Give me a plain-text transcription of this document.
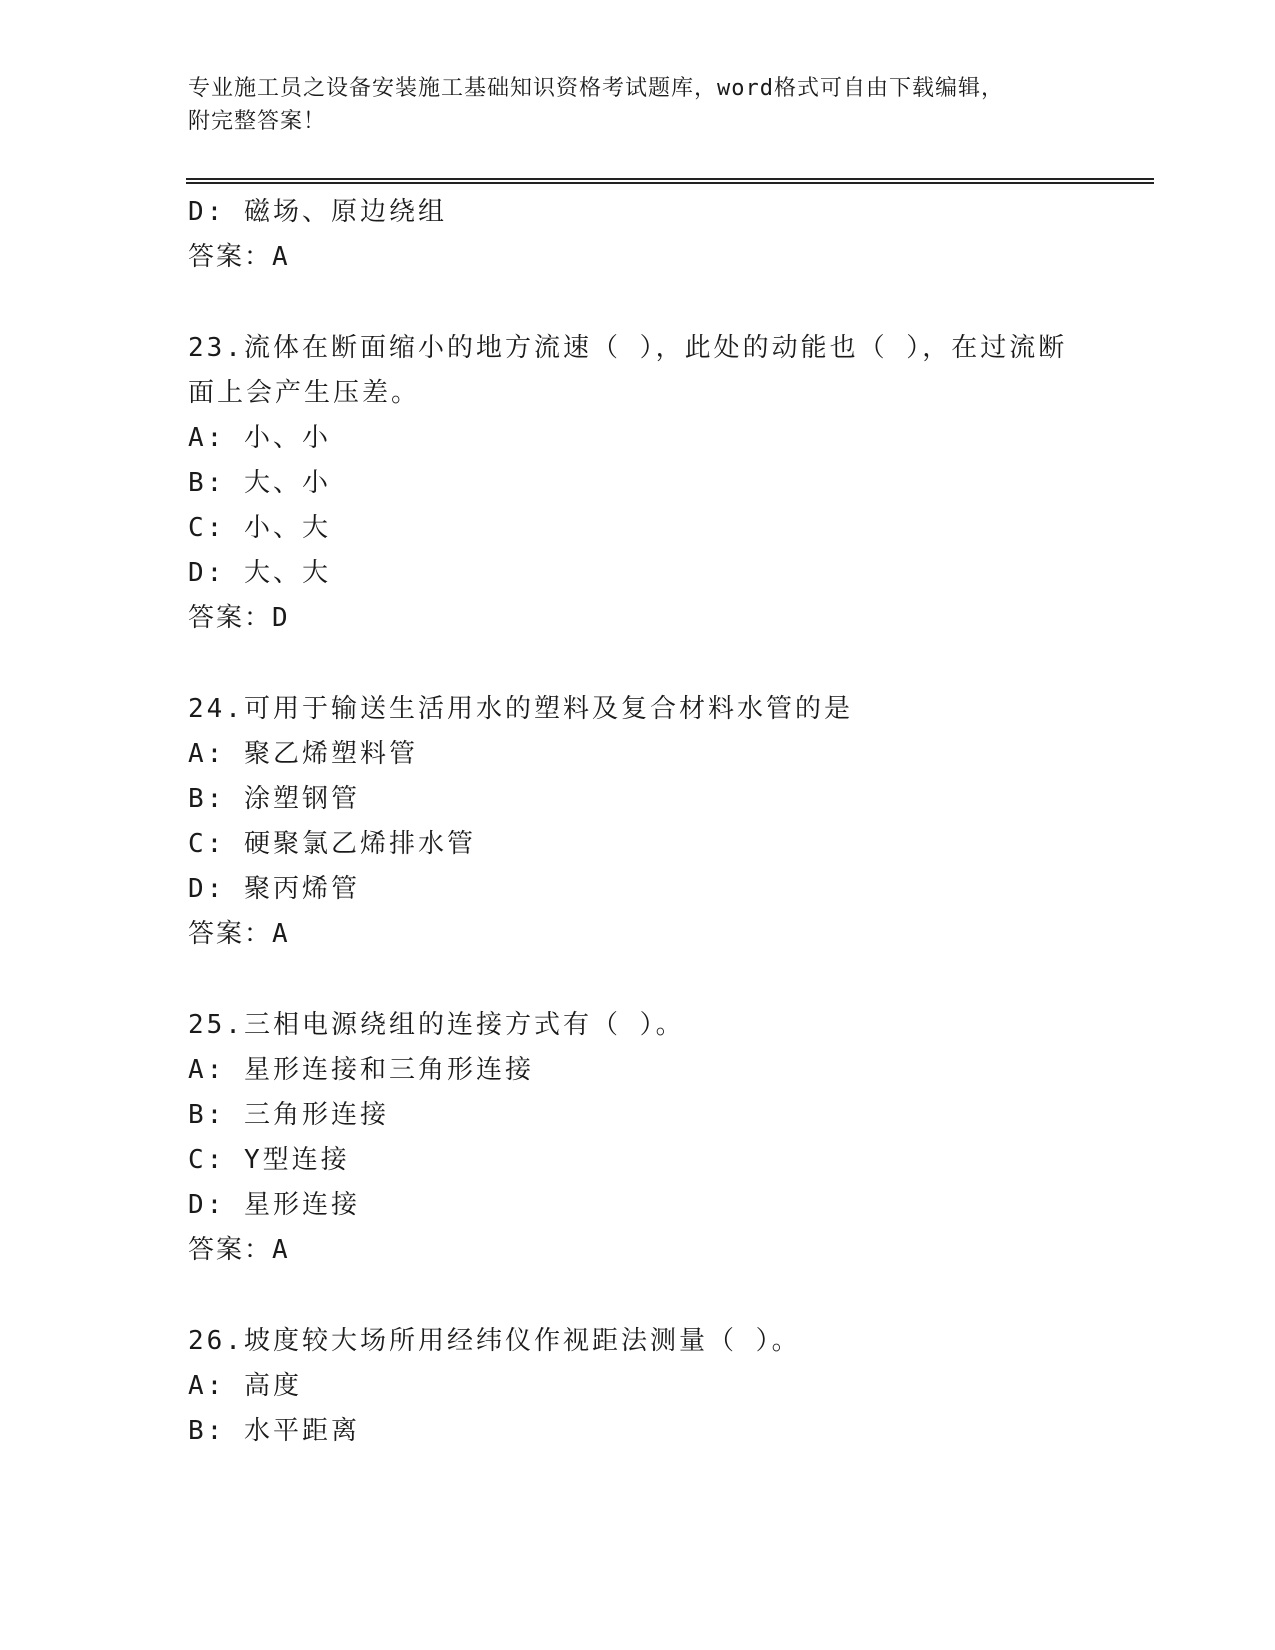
专业施工员之设备安装施工基础知识资格考试题库，word格式可自由下载编辑，
附完整答案！
D: 磁场、原边绕组
答案：A
23.流体在断面缩小的地方流速（ ），此处的动能也（ ），在过流断
面上会产生压差。
A: 小、小
B: 大、小
C: 小、大
D: 大、大
答案：D
24.可用于输送生活用水的塑料及复合材料水管的是
A: 聚乙烯塑料管
B: 涂塑钢管
C: 硬聚氯乙烯排水管
D: 聚丙烯管
答案：A
25.三相电源绕组的连接方式有（ ）。
A: 星形连接和三角形连接
B: 三角形连接
C: Y型连接
D: 星形连接
答案：A
26.坡度较大场所用经纬仪作视距法测量（ ）。
A: 高度
B: 水平距离
